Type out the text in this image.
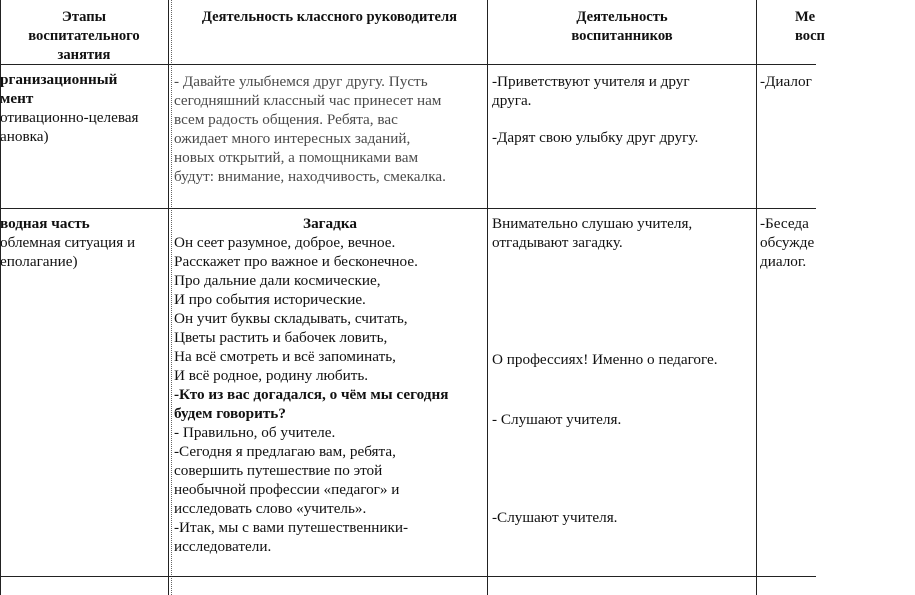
Этапы
воспитательного
занятия
Деятельность классного руководителя	Деятельность
воспитанников
Ме
восп
рганизационный
мент
отивационно-целевая
ановка)
- Давайте улыбнемся друг другу. Пусть
сегодняшний классный час принесет нам
всем радость общения. Ребята, вас
ожидает много интересных заданий,
новых открытий, а помощниками вам
будут: внимание, находчивость, смекалка.
-Приветствуют учителя и друг
друга.
-Дарят свою улыбку друг другу.
-Диалог
водная часть
облемная ситуация и
еполагание)
Загадка
Он сеет разумное, доброе, вечное.
Расскажет про важное и бесконечное.
Про дальние дали космические,
И про события исторические.
Он учит буквы складывать, считать,
Цветы растить и бабочек ловить,
На всё смотреть и всё запоминать,
И всё родное, родину любить.
-Кто из вас догадался, о чём мы сегодня
будем говорить?
- Правильно, об учителе.
-Сегодня я предлагаю вам, ребята,
совершить путешествие по этой
необычной профессии «педагог» и
исследовать слово «учитель».
-Итак, мы с вами путешественники-
исследователи.
Внимательно слушаю учителя,
отгадывают загадку.
О профессиях! Именно о педагоге.
- Слушают учителя.
-Слушают учителя.
-Беседа
обсужде
диалог.
